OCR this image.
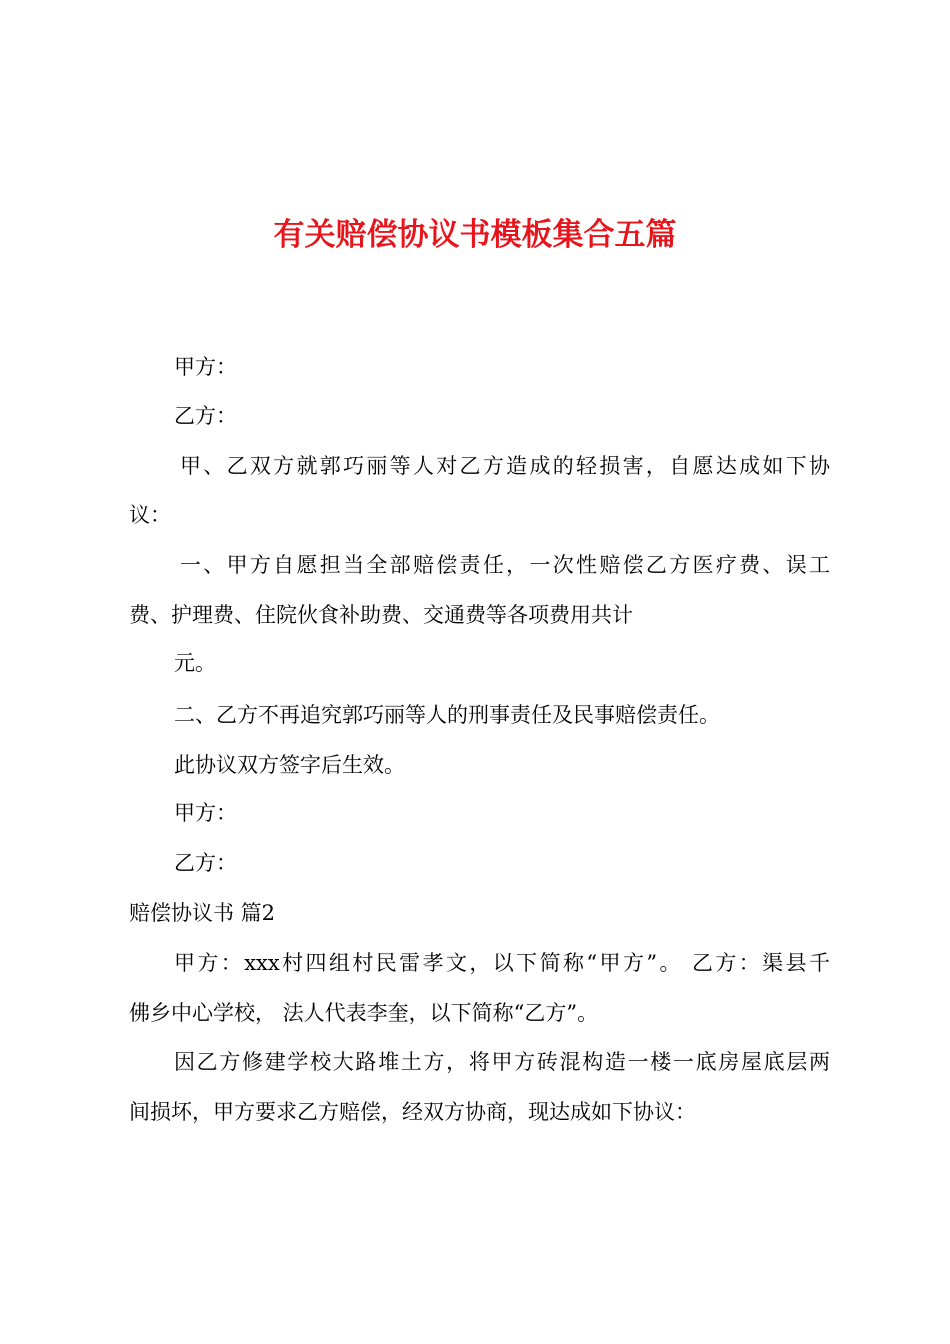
有关赔偿协议书模板集合五篇
甲方：
乙方：
甲、乙双方就郭巧丽等人对乙方造成的轻损害，自愿达成如下协
议：
一、甲方自愿担当全部赔偿责任，一次性赔偿乙方医疗费、误工
费、护理费、住院伙食补助费、交通费等各项费用共计
元。
二、乙方不再追究郭巧丽等人的刑事责任及民事赔偿责任。
此协议双方签字后生效。
甲方：
乙方：
赔偿协议书 篇2
甲方：xxx村四组村民雷孝文，以下简称“甲方”。 乙方：渠县千
佛乡中心学校， 法人代表李奎，以下简称“乙方”。
因乙方修建学校大路堆土方，将甲方砖混构造一楼一底房屋底层两
间损坏，甲方要求乙方赔偿，经双方协商，现达成如下协议：
